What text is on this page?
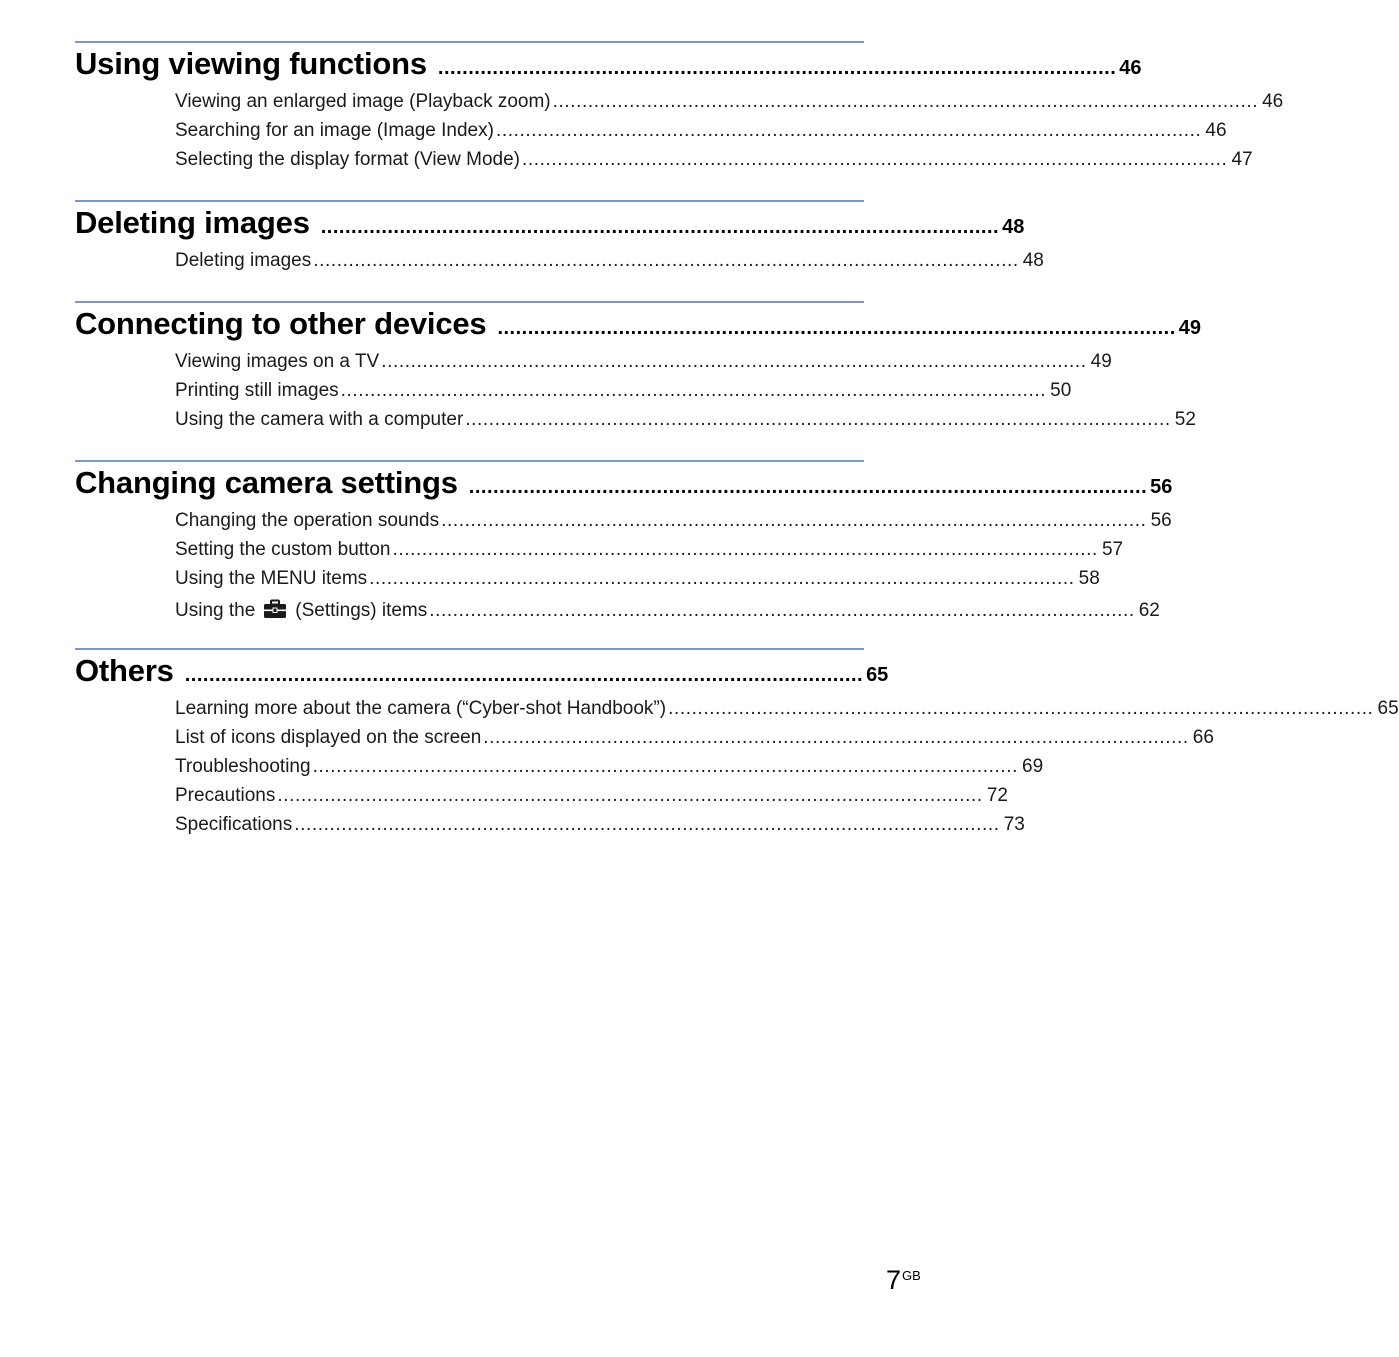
Using viewing functions ................................................................................................................ 46
Viewing an enlarged image (Playback zoom) ........................................................................................................................ 46
Searching for an image (Image Index) ........................................................................................................................ 46
Selecting the display format (View Mode) ........................................................................................................................ 47
Deleting images ................................................................................................................ 48
Deleting images ........................................................................................................................ 48
Connecting to other devices ................................................................................................................ 49
Viewing images on a TV ........................................................................................................................ 49
Printing still images ........................................................................................................................ 50
Using the camera with a computer ........................................................................................................................ 52
Changing camera settings ................................................................................................................ 56
Changing the operation sounds ........................................................................................................................ 56
Setting the custom button ........................................................................................................................ 57
Using the MENU items ........................................................................................................................ 58
Using the (Settings) items ........................................................................................................................ 62
Others ................................................................................................................ 65
Learning more about the camera (“Cyber-shot Handbook”) ........................................................................................................................ 65
List of icons displayed on the screen ........................................................................................................................ 66
Troubleshooting ........................................................................................................................ 69
Precautions ........................................................................................................................ 72
Specifications ........................................................................................................................ 73
$7^{GB}$
